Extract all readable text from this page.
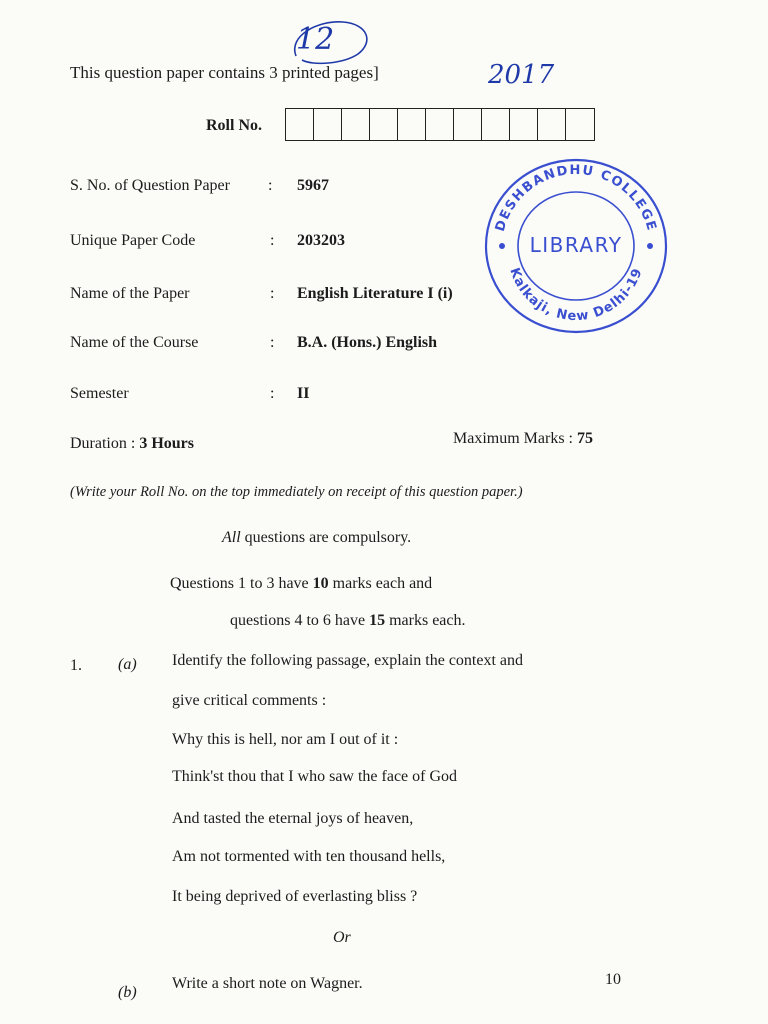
This question paper contains 3 printed pages]
12
2017
Roll No.
S. No. of Question Paper : 5967
Unique Paper Code	: 203203
Name of the Paper	: English Literature I (i)
Name of the Course	: B.A. (Hons.) English
Semester	: II
Duration : 3 Hours	Maximum Marks : 75
(Write your Roll No. on the top immediately on receipt of this question paper.)
All questions are compulsory.
Questions 1 to 3 have 10 marks each and
questions 4 to 6 have 15 marks each.
1. (a) Identify the following passage, explain the context and
give critical comments :
Why this is hell, nor am I out of it :
Think'st thou that I who saw the face of God
And tasted the eternal joys of heaven,
Am not tormented with ten thousand hells,
It being deprived of everlasting bliss ?
Or
(b)
Write a short note on Wagner.	10
DESHBANDHU COLLEGE
Kalkaji, New Delhi-19
LIBRARY
